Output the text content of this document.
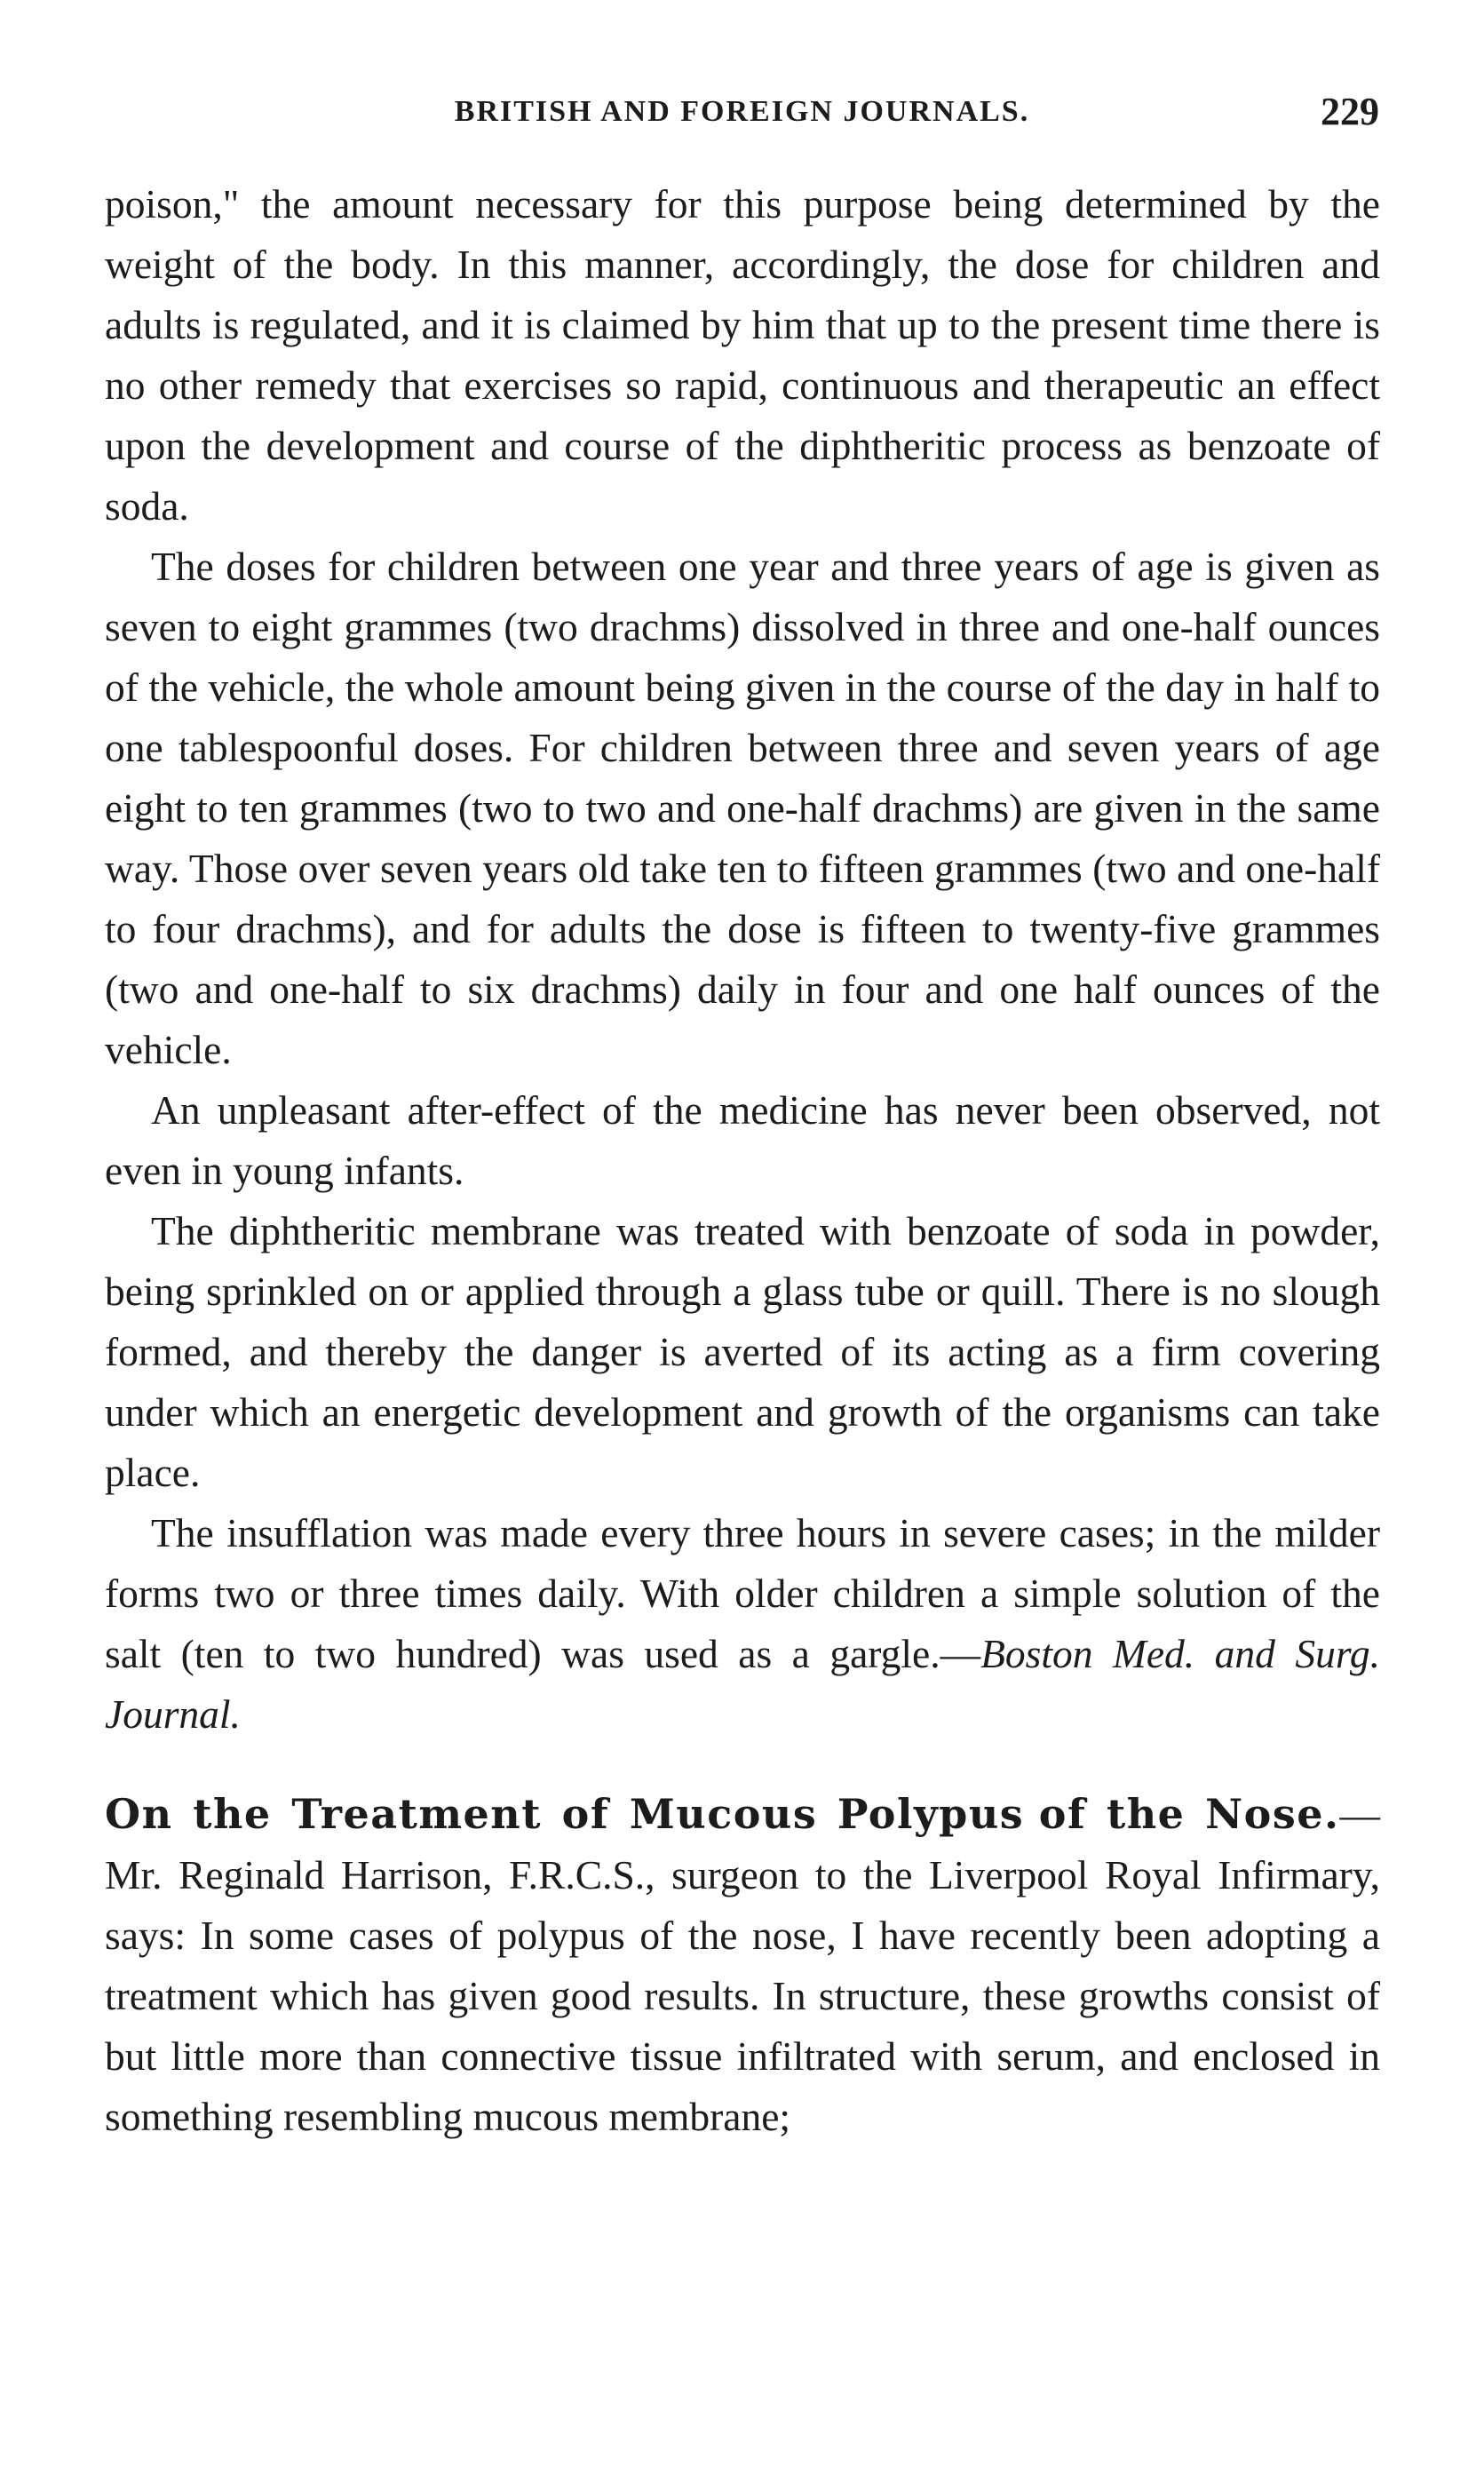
BRITISH AND FOREIGN JOURNALS.	229

poison," the amount necessary for this purpose being determined by the weight of the body. In this manner, accordingly, the dose for children and adults is regulated, and it is claimed by him that up to the present time there is no other remedy that exercises so rapid, continuous and therapeutic an effect upon the development and course of the diphtheritic process as benzoate of soda.

The doses for children between one year and three years of age is given as seven to eight grammes (two drachms) dissolved in three and one-half ounces of the vehicle, the whole amount being given in the course of the day in half to one tablespoonful doses. For children between three and seven years of age eight to ten grammes (two to two and one-half drachms) are given in the same way. Those over seven years old take ten to fifteen grammes (two and one-half to four drachms), and for adults the dose is fifteen to twenty-five grammes (two and one-half to six drachms) daily in four and one half ounces of the vehicle.

An unpleasant after-effect of the medicine has never been observed, not even in young infants.

The diphtheritic membrane was treated with benzoate of soda in powder, being sprinkled on or applied through a glass tube or quill. There is no slough formed, and thereby the danger is averted of its acting as a firm covering under which an energetic development and growth of the organisms can take place.

The insufflation was made every three hours in severe cases; in the milder forms two or three times daily. With older children a simple solution of the salt (ten to two hundred) was used as a gargle.—Boston Med. and Surg. Journal.

On the Treatment of Mucous Polypus of the Nose.—Mr. Reginald Harrison, F.R.C.S., surgeon to the Liverpool Royal Infirmary, says: In some cases of polypus of the nose, I have recently been adopting a treatment which has given good results. In structure, these growths consist of but little more than connective tissue infiltrated with serum, and enclosed in something resembling mucous membrane;
